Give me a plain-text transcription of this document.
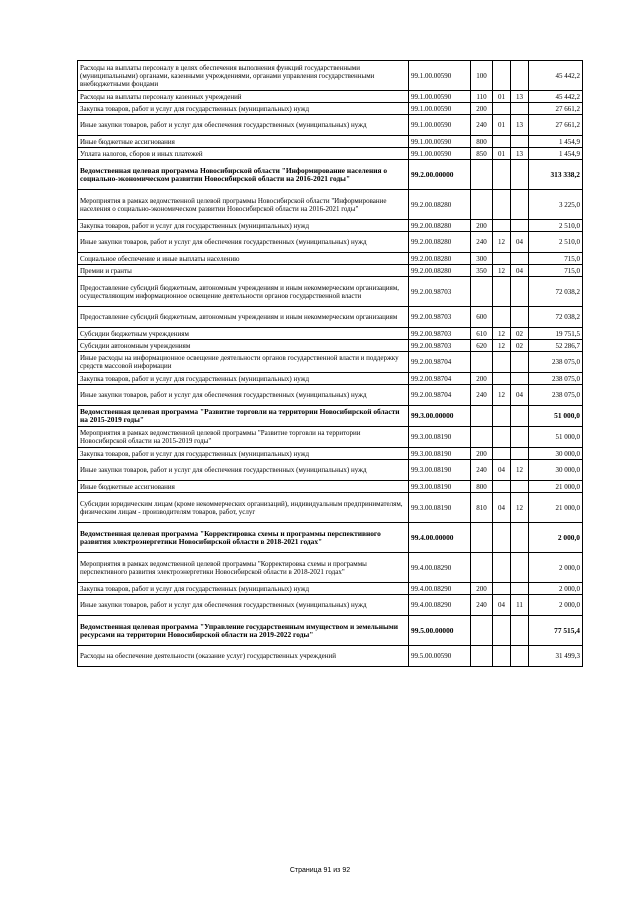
Расходы на выплаты персоналу в целях обеспечения выполнения функций государственными (муниципальными) органами, казенными учреждениями, органами управления государственными внебюджетными фондами	99.1.00.00590	100			45 442,2
Расходы на выплаты персоналу казенных учреждений	99.1.00.00590	110	01	13	45 442,2
Закупка товаров, работ и услуг для государственных (муниципальных) нужд	99.1.00.00590	200			27 661,2
Иные закупки товаров, работ и услуг для обеспечения государственных (муниципальных) нужд	99.1.00.00590	240	01	13	27 661,2
Иные бюджетные ассигнования	99.1.00.00590	800			1 454,9
Уплата налогов, сборов и иных платежей	99.1.00.00590	850	01	13	1 454,9
Ведомственная целевая программа Новосибирской области "Информирование населения о социально-экономическом развитии Новосибирской области на 2016-2021 годы"	99.2.00.00000				313 338,2
Мероприятия в рамках ведомственной целевой программы Новосибирской области "Информирование населения о социально-экономическом развитии Новосибирской области на 2016-2021 годы"	99.2.00.08280				3 225,0
Закупка товаров, работ и услуг для государственных (муниципальных) нужд	99.2.00.08280	200			2 510,0
Иные закупки товаров, работ и услуг для обеспечения государственных (муниципальных) нужд	99.2.00.08280	240	12	04	2 510,0
Социальное обеспечение и иные выплаты населению	99.2.00.08280	300			715,0
Премии и гранты	99.2.00.08280	350	12	04	715,0
Предоставление субсидий бюджетным, автономным учреждениям и иным некоммерческим организациям, осуществляющим информационное освещение деятельности органов государственной власти	99.2.00.98703				72 038,2
Предоставление субсидий бюджетным, автономным учреждениям и иным некоммерческим организациям	99.2.00.98703	600			72 038,2
Субсидии бюджетным учреждениям	99.2.00.98703	610	12	02	19 751,5
Субсидии автономным учреждениям	99.2.00.98703	620	12	02	52 286,7
Иные расходы на информационное освещение деятельности органов государственной власти и поддержку средств массовой информации	99.2.00.98704				238 075,0
Закупка товаров, работ и услуг для государственных (муниципальных) нужд	99.2.00.98704	200			238 075,0
Иные закупки товаров, работ и услуг для обеспечения государственных (муниципальных) нужд	99.2.00.98704	240	12	04	238 075,0
Ведомственная целевая программа "Развитие торговли на территории Новосибирской области на 2015-2019 годы"	99.3.00.00000				51 000,0
Мероприятия в рамках ведомственной целевой программы "Развитие торговли на территории Новосибирской области на 2015-2019 годы"	99.3.00.08190				51 000,0
Закупка товаров, работ и услуг для государственных (муниципальных) нужд	99.3.00.08190	200			30 000,0
Иные закупки товаров, работ и услуг для обеспечения государственных (муниципальных) нужд	99.3.00.08190	240	04	12	30 000,0
Иные бюджетные ассигнования	99.3.00.08190	800			21 000,0
Субсидии юридическим лицам (кроме некоммерческих организаций), индивидуальным предпринимателям, физическим лицам - производителям товаров, работ, услуг	99.3.00.08190	810	04	12	21 000,0
Ведомственная целевая программа "Корректировка схемы и программы перспективного развития электроэнергетики Новосибирской области в 2018-2021 годах"	99.4.00.00000				2 000,0
Мероприятия в рамках ведомственной целевой программы "Корректировка схемы и программы перспективного развития электроэнергетики Новосибирской области в 2018-2021 годах"	99.4.00.08290				2 000,0
Закупка товаров, работ и услуг для государственных (муниципальных) нужд	99.4.00.08290	200			2 000,0
Иные закупки товаров, работ и услуг для обеспечения государственных (муниципальных) нужд	99.4.00.08290	240	04	11	2 000,0
Ведомственная целевая программа "Управление государственным имуществом и земельными ресурсами на территории Новосибирской области на 2019-2022 годы"	99.5.00.00000				77 515,4
Расходы на обеспечение деятельности (оказание услуг) государственных учреждений	99.5.00.00590				31 499,3
Страница 91 из 92
